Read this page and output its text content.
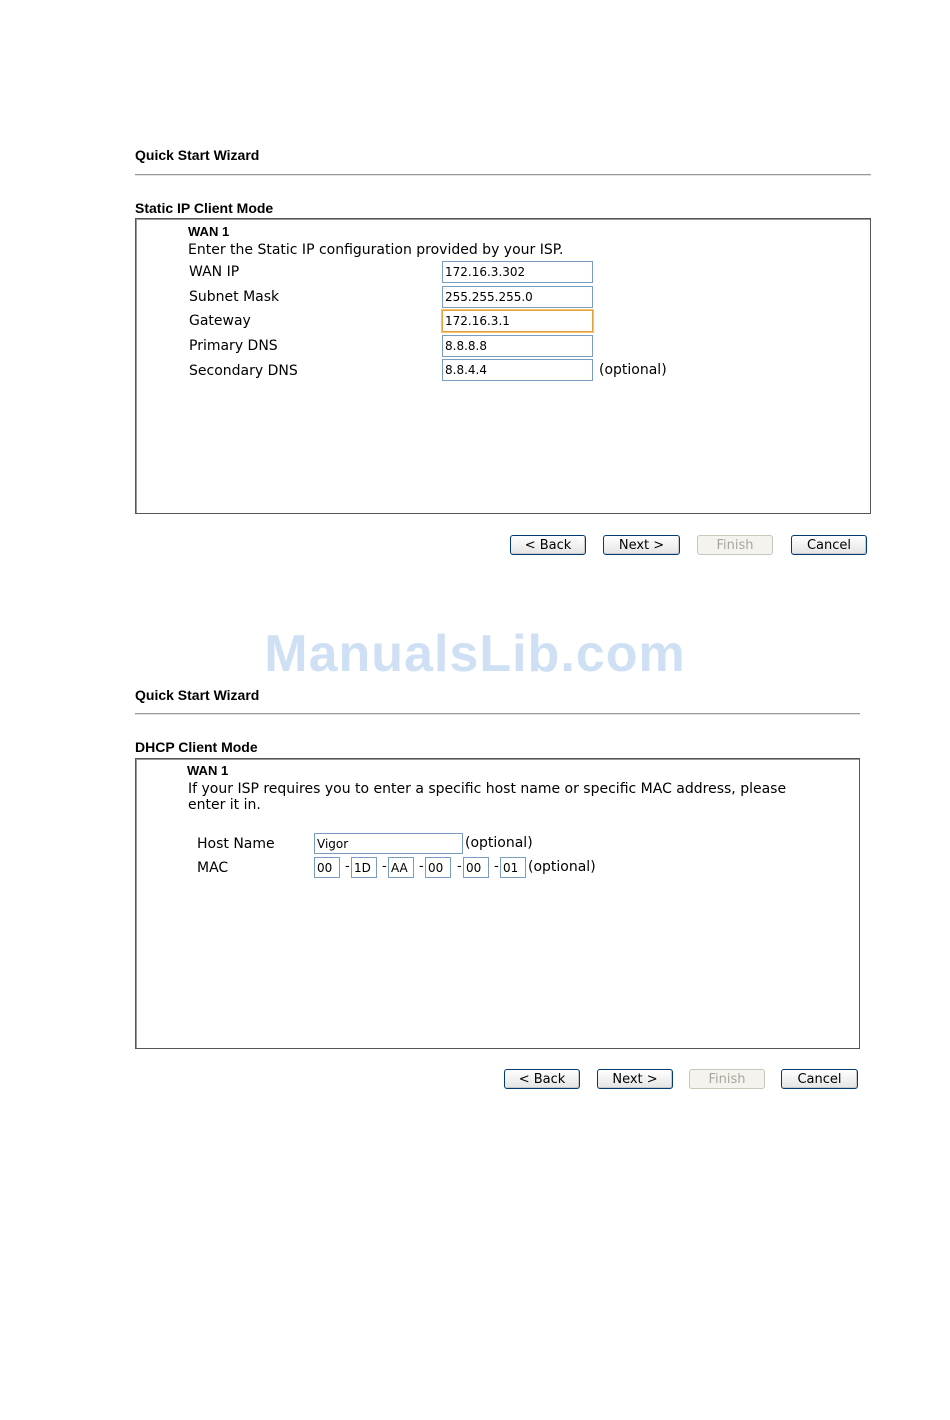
Quick Start Wizard
Static IP Client Mode
WAN 1
Enter the Static IP configuration provided by your ISP.
WAN IP
172.16.3.302
Subnet Mask
255.255.255.0
Gateway
172.16.3.1
Primary DNS
8.8.8.8
Secondary DNS
8.8.4.4	(optional)
< Back	Next >	Finish	Cancel
ManualsLib.com
Quick Start Wizard
DHCP Client Mode
WAN 1
If your ISP requires you to enter a specific host name or specific MAC address, please
enter it in.
Host Name
Vigor	(optional)
MAC
00	-
1D -
AA -
00	-
00 -
01 (optional)
< Back	Next >	Finish	Cancel
